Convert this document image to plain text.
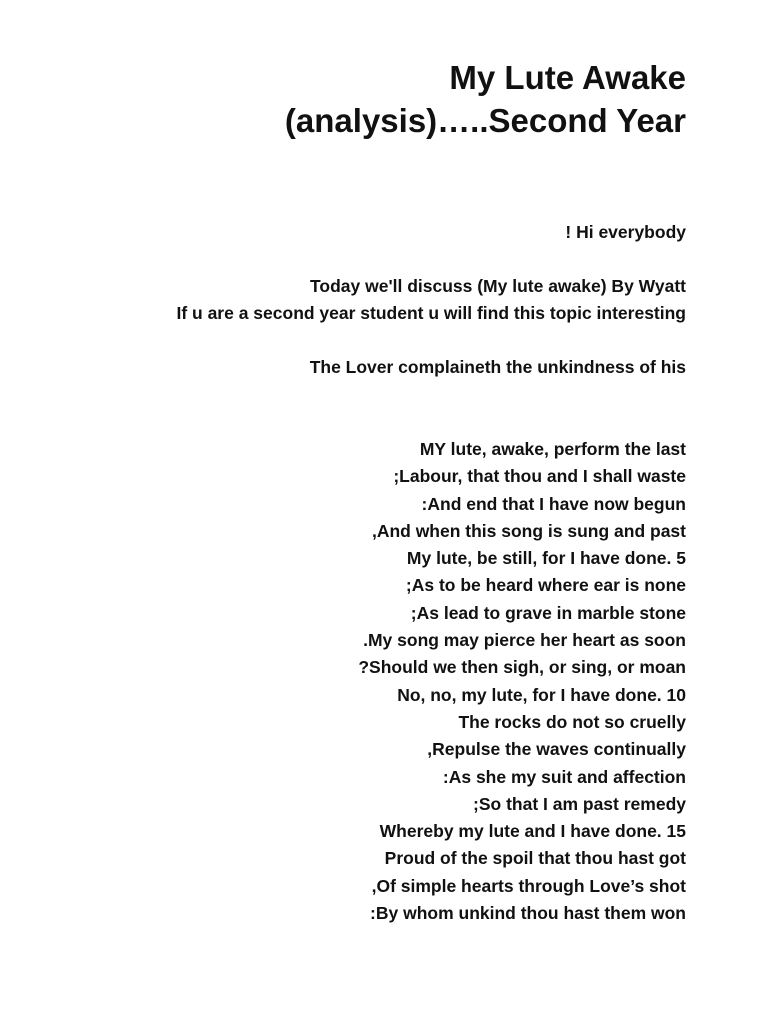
My Lute Awake
(analysis)…..Second Year

! Hi everybody

Today we'll discuss (My lute awake) By Wyatt
If u are a second year student u will find this topic interesting

The Lover complaineth the unkindness of his

MY lute, awake, perform the last
;Labour, that thou and I shall waste
:And end that I have now begun
,And when this song is sung and past
My lute, be still, for I have done. 5
;As to be heard where ear is none
;As lead to grave in marble stone
.My song may pierce her heart as soon
?Should we then sigh, or sing, or moan
No, no, my lute, for I have done. 10
The rocks do not so cruelly
,Repulse the waves continually
:As she my suit and affection
;So that I am past remedy
Whereby my lute and I have done. 15
Proud of the spoil that thou hast got
,Of simple hearts through Love’s shot
:By whom unkind thou hast them won
